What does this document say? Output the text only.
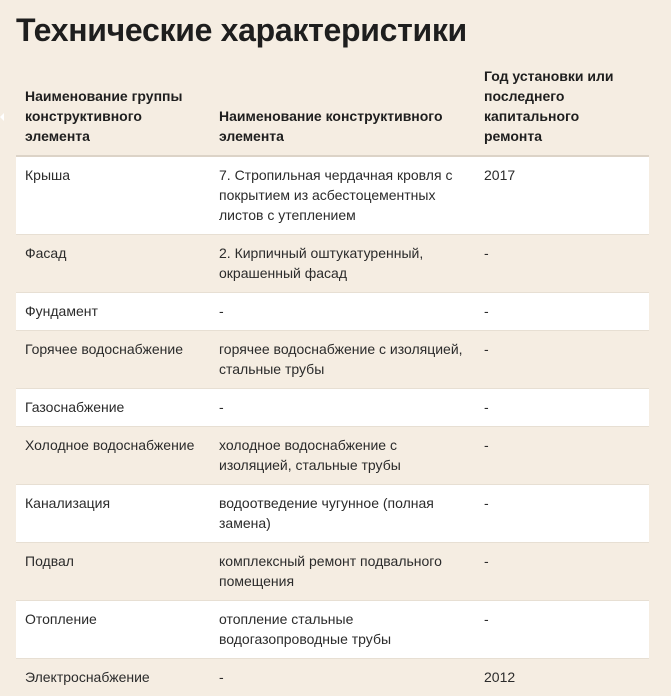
Технические характеристики
Наименование группы конструктивного элемента	Наименование конструктивного элемента	Год установки или последнего капитального ремонта
Крыша	7. Стропильная чердачная кровля с покрытием из асбестоцементных листов с утеплением	2017
Фасад	2. Кирпичный оштукатуренный, окрашенный фасад	-
Фундамент	-	-
Горячее водоснабжение	горячее водоснабжение с изоляцией, стальные трубы	-
Газоснабжение	-	-
Холодное водоснабжение	холодное водоснабжение с изоляцией, стальные трубы	-
Канализация	водоотведение чугунное (полная замена)	-
Подвал	комплексный ремонт подвального помещения	-
Отопление	отопление стальные водогазопроводные трубы	-
Электроснабжение	-	2012
